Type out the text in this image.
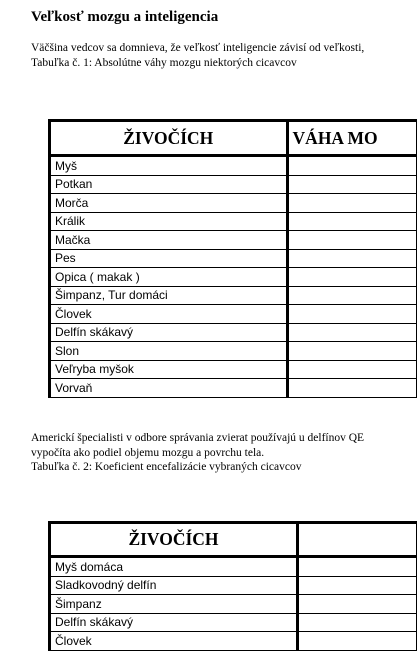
Veľkosť mozgu a inteligencia
Väčšina vedcov sa domnieva, že veľkosť inteligencie závisí od veľkosti,
Tabuľka č. 1: Absolútne váhy mozgu niektorých cicavcov
ŽIVOČÍCH	VÁHA MO
Myš	
Potkan	
Morča	
Králik	
Mačka	
Pes	
Opica ( makak )	
Šimpanz, Tur domáci	
Človek	
Delfín skákavý	
Slon	
Veľryba myšok	
Vorvaň	
Americkí špecialisti v odbore správania zvierat používajú u delfínov QE
vypočíta ako podiel objemu mozgu a povrchu tela.
Tabuľka č. 2: Koeficient encefalizácie vybraných cicavcov
ŽIVOČÍCH	
Myš domáca	
Sladkovodný delfín	
Šimpanz	
Delfín skákavý	
Človek	
